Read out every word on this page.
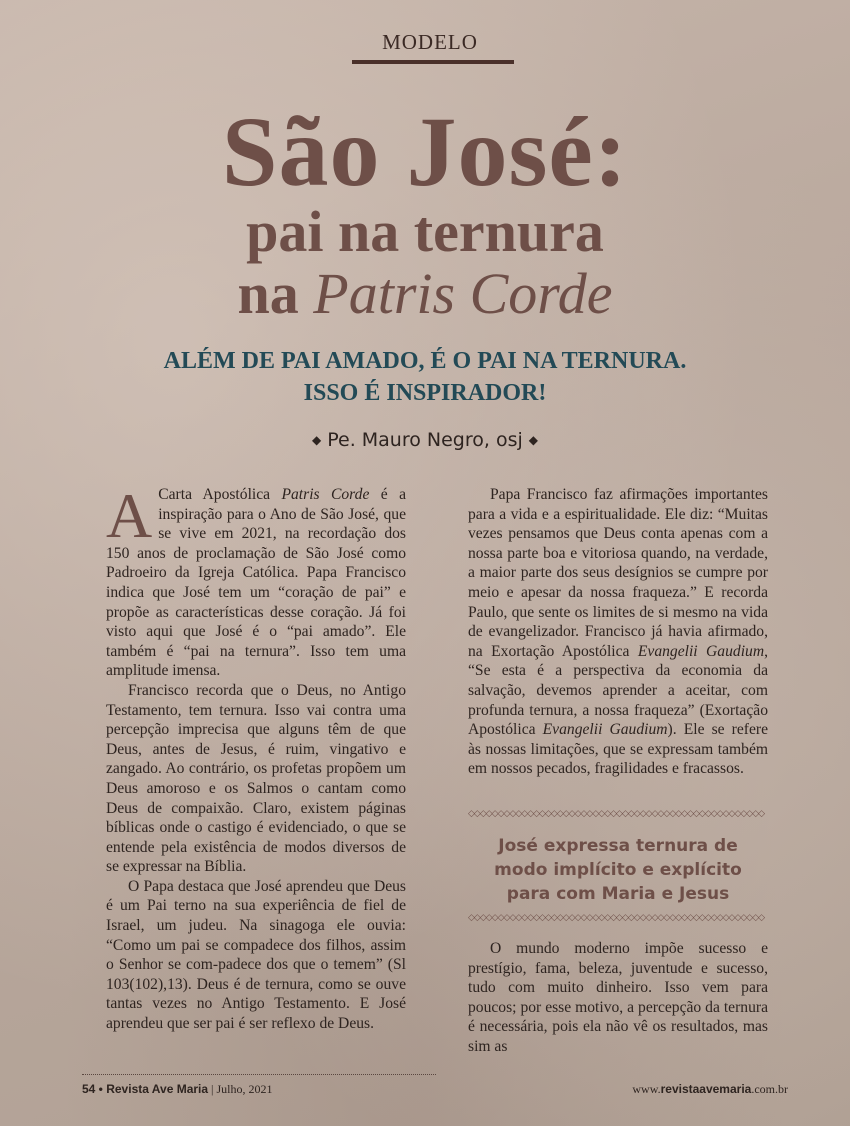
MODELO
São José:
pai na ternura
na Patris Corde
ALÉM DE PAI AMADO, É O PAI NA TERNURA.
ISSO É INSPIRADOR!
◆ Pe. Mauro Negro, osj ◆

A Carta Apostólica Patris Corde é a inspiração para o Ano de São José, que se vive em 2021, na recordação dos 150 anos de proclamação de São José como Padroeiro da Igreja Católica. Papa Francisco indica que José tem um “coração de pai” e propõe as características desse coração. Já foi visto aqui que José é o “pai amado”. Ele também é “pai na ternura”. Isso tem uma amplitude imensa.

Francisco recorda que o Deus, no Antigo Testamento, tem ternura. Isso vai contra uma percepção imprecisa que alguns têm de que Deus, antes de Jesus, é ruim, vingativo e zangado. Ao contrário, os profetas propõem um Deus amoroso e os Salmos o cantam como Deus de compaixão. Claro, existem páginas bíblicas onde o castigo é evidenciado, o que se entende pela existência de modos diversos de se expressar na Bíblia.

O Papa destaca que José aprendeu que Deus é um Pai terno na sua experiência de fiel de Israel, um judeu. Na sinagoga ele ouvia: “Como um pai se compadece dos filhos, assim o Senhor se com-padece dos que o temem” (Sl 103(102),13). Deus é de ternura, como se ouve tantas vezes no Antigo Testamento. E José aprendeu que ser pai é ser reflexo de Deus.

Papa Francisco faz afirmações importantes para a vida e a espiritualidade. Ele diz: “Muitas vezes pensamos que Deus conta apenas com a nossa parte boa e vitoriosa quando, na verdade, a maior parte dos seus desígnios se cumpre por meio e apesar da nossa fraqueza.” E recorda Paulo, que sente os limites de si mesmo na vida de evangelizador. Francisco já havia afirmado, na Exortação Apostólica Evangelii Gaudium, “Se esta é a perspectiva da economia da salvação, devemos aprender a aceitar, com profunda ternura, a nossa fraqueza” (Exortação Apostólica Evangelii Gaudium). Ele se refere às nossas limitações, que se expressam também em nossos pecados, fragilidades e fracassos.

◇◇◇◇◇◇◇◇◇◇◇◇◇◇◇◇◇◇◇◇◇◇◇◇◇◇◇◇◇◇◇◇◇◇◇◇◇◇◇◇◇◇◇◇◇◇◇◇◇◇
José expressa ternura de
modo implícito e explícito
para com Maria e Jesus
◇◇◇◇◇◇◇◇◇◇◇◇◇◇◇◇◇◇◇◇◇◇◇◇◇◇◇◇◇◇◇◇◇◇◇◇◇◇◇◇◇◇◇◇◇◇◇◇◇◇

O mundo moderno impõe sucesso e prestígio, fama, beleza, juventude e sucesso, tudo com muito dinheiro. Isso vem para poucos; por esse motivo, a percepção da ternura é necessária, pois ela não vê os resultados, mas sim as

54 • Revista Ave Maria | Julho, 2021	www.revistaavemaria.com.br
